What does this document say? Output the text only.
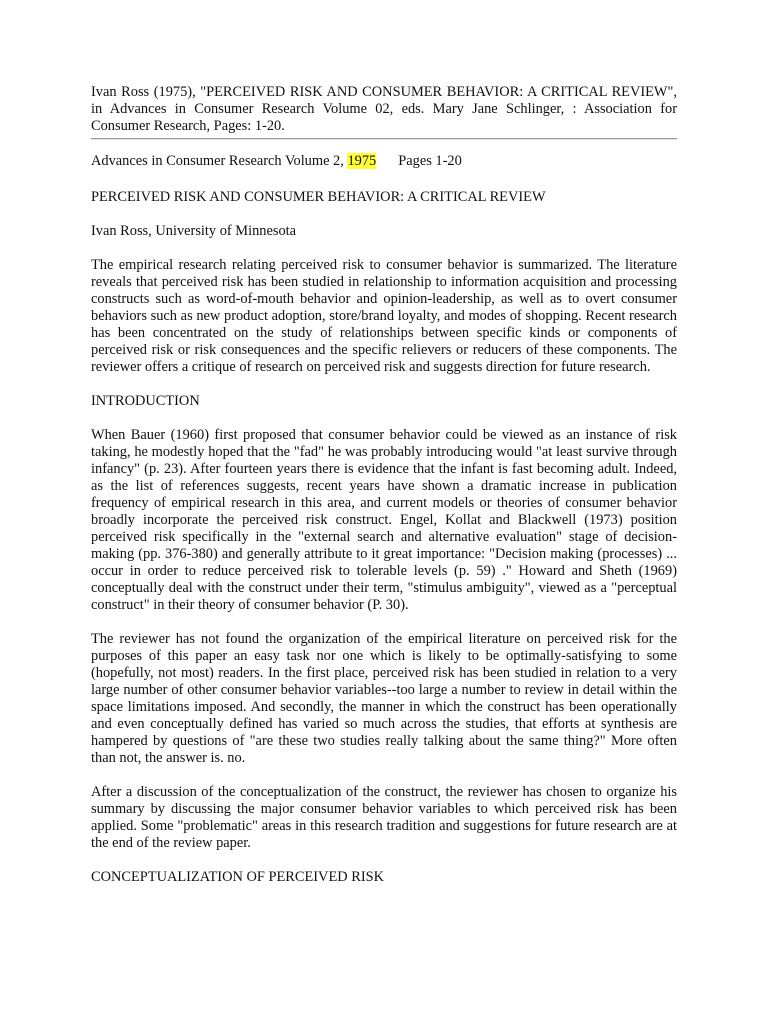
Ivan Ross (1975), "PERCEIVED RISK AND CONSUMER BEHAVIOR: A CRITICAL REVIEW", in Advances in Consumer Research Volume 02, eds. Mary Jane Schlinger, : Association for Consumer Research, Pages: 1-20.

Advances in Consumer Research Volume 2, 1975 Pages 1-20

PERCEIVED RISK AND CONSUMER BEHAVIOR: A CRITICAL REVIEW

Ivan Ross, University of Minnesota

The empirical research relating perceived risk to consumer behavior is summarized. The literature reveals that perceived risk has been studied in relationship to information acquisition and processing constructs such as word-of-mouth behavior and opinion-leadership, as well as to overt consumer behaviors such as new product adoption, store/brand loyalty, and modes of shopping. Recent research has been concentrated on the study of relationships between specific kinds or components of perceived risk or risk consequences and the specific relievers or reducers of these components. The reviewer offers a critique of research on perceived risk and suggests direction for future research.

INTRODUCTION

When Bauer (1960) first proposed that consumer behavior could be viewed as an instance of risk taking, he modestly hoped that the "fad" he was probably introducing would "at least survive through infancy" (p. 23). After fourteen years there is evidence that the infant is fast becoming adult. Indeed, as the list of references suggests, recent years have shown a dramatic increase in publication frequency of empirical research in this area, and current models or theories of consumer behavior broadly incorporate the perceived risk construct. Engel, Kollat and Blackwell (1973) position perceived risk specifically in the "external search and alternative evaluation" stage of decision-making (pp. 376-380) and generally attribute to it great importance: "Decision making (processes) ... occur in order to reduce perceived risk to tolerable levels (p. 59) ." Howard and Sheth (1969) conceptually deal with the construct under their term, "stimulus ambiguity", viewed as a "perceptual construct" in their theory of consumer behavior (P. 30).

The reviewer has not found the organization of the empirical literature on perceived risk for the purposes of this paper an easy task nor one which is likely to be optimally-satisfying to some (hopefully, not most) readers. In the first place, perceived risk has been studied in relation to a very large number of other consumer behavior variables--too large a number to review in detail within the space limitations imposed. And secondly, the manner in which the construct has been operationally and even conceptually defined has varied so much across the studies, that efforts at synthesis are hampered by questions of "are these two studies really talking about the same thing?" More often than not, the answer is. no.

After a discussion of the conceptualization of the construct, the reviewer has chosen to organize his summary by discussing the major consumer behavior variables to which perceived risk has been applied. Some "problematic" areas in this research tradition and suggestions for future research are at the end of the review paper.

CONCEPTUALIZATION OF PERCEIVED RISK
